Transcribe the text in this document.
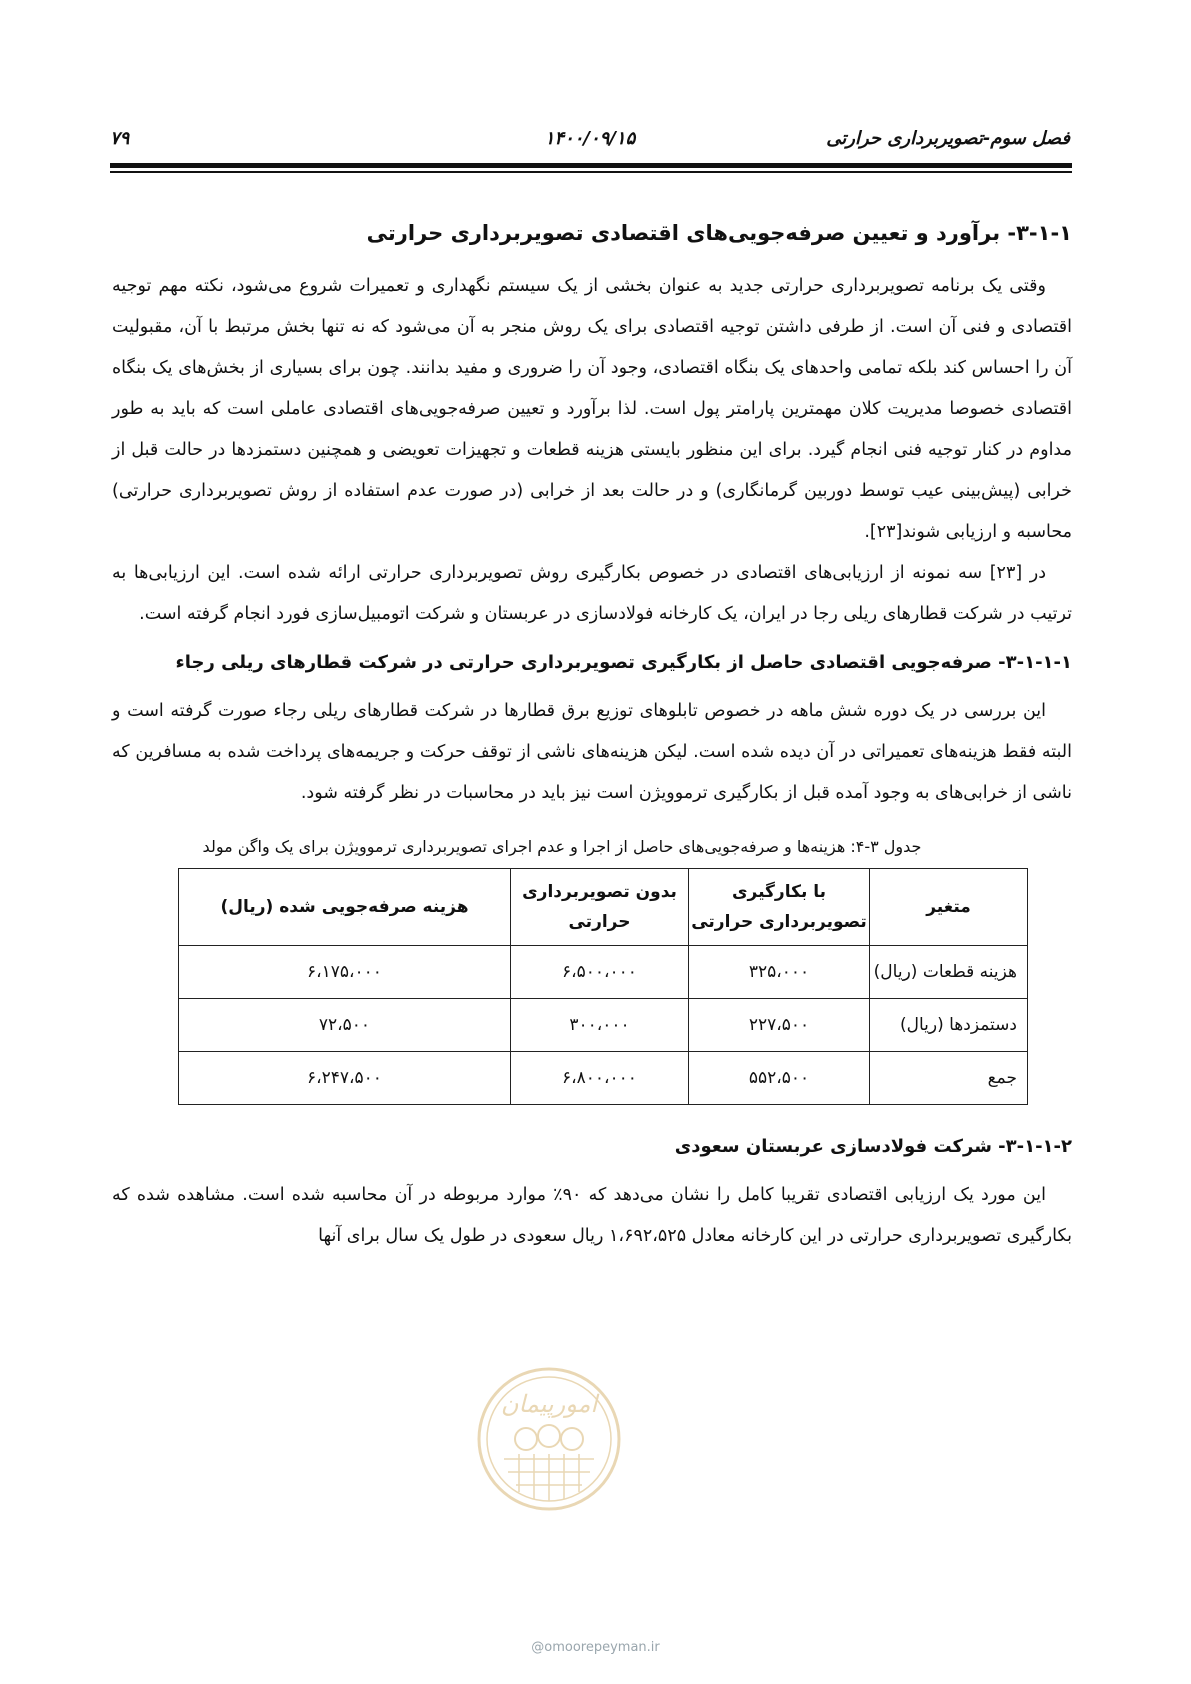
فصل سوم-تصویربرداری حرارتی
۱۴۰۰/۰۹/۱۵
۷۹
۳-۱-۱- برآورد و تعیین صرفه‌جویی‌های اقتصادی تصویربرداری حرارتی

وقتی یک برنامه تصویربرداری حرارتی جدید به عنوان بخشی از یک سیستم نگهداری و تعمیرات شروع می‌شود، نکته مهم توجیه اقتصادی و فنی آن است. از طرفی داشتن توجیه اقتصادی برای یک روش منجر به آن می‌شود که نه تنها بخش مرتبط با آن، مقبولیت آن را احساس کند بلکه تمامی واحدهای یک بنگاه اقتصادی، وجود آن را ضروری و مفید بدانند. چون برای بسیاری از بخش‌های یک بنگاه اقتصادی خصوصا مدیریت کلان مهمترین پارامتر پول است. لذا برآورد و تعیین صرفه‌جویی‌های اقتصادی عاملی است که باید به طور مداوم در کنار توجیه فنی انجام گیرد. برای این منظور بایستی هزینه قطعات و تجهیزات تعویضی و همچنین دستمزدها در حالت قبل از خرابی (پیش‌بینی عیب توسط دوربین گرمانگاری) و در حالت بعد از خرابی (در صورت عدم استفاده از روش تصویربرداری حرارتی) محاسبه و ارزیابی شوند[۲۳].

در [۲۳] سه نمونه از ارزیابی‌های اقتصادی در خصوص بکارگیری روش تصویربرداری حرارتی ارائه شده است. این ارزیابی‌ها به ترتیب در شرکت قطارهای ریلی رجا در ایران، یک کارخانه فولادسازی در عربستان و شرکت اتومبیل‌سازی فورد انجام گرفته است.

۳-۱-۱-۱- صرفه‌جویی اقتصادی حاصل از بکارگیری تصویربرداری حرارتی در شرکت قطارهای ریلی رجاء

این بررسی در یک دوره شش ماهه در خصوص تابلوهای توزیع برق قطارها در شرکت قطارهای ریلی رجاء صورت گرفته است و البته فقط هزینه‌های تعمیراتی در آن دیده شده است. لیکن هزینه‌های ناشی از توقف حرکت و جریمه‌های پرداخت شده به مسافرین که ناشی از خرابی‌های به وجود آمده قبل از بکارگیری ترموویژن است نیز باید در محاسبات در نظر گرفته شود.

جدول ۳-۴: هزینه‌ها و صرفه‌جویی‌های حاصل از اجرا و عدم اجرای تصویربرداری ترموویژن برای یک واگن مولد
متغیر	با بکارگیری تصویربرداری حرارتی	بدون تصویربرداری حرارتی	هزینه صرفه‌جویی شده (ریال)
هزینه قطعات (ریال)	۳۲۵،۰۰۰	۶،۵۰۰،۰۰۰	۶،۱۷۵،۰۰۰
دستمزدها (ریال)	۲۲۷،۵۰۰	۳۰۰،۰۰۰	۷۲،۵۰۰
جمع	۵۵۲،۵۰۰	۶،۸۰۰،۰۰۰	۶،۲۴۷،۵۰۰
۳-۱-۱-۲- شرکت فولادسازی عربستان سعودی

این مورد یک ارزیابی اقتصادی تقریبا کامل را نشان می‌دهد که ۹۰٪ موارد مربوطه در آن محاسبه شده است. مشاهده شده که بکارگیری تصویربرداری حرارتی در این کارخانه معادل ۱،۶۹۲،۵۲۵ ریال سعودی در طول یک سال برای آنها

امورپیمان
@omoorepeyman.ir
